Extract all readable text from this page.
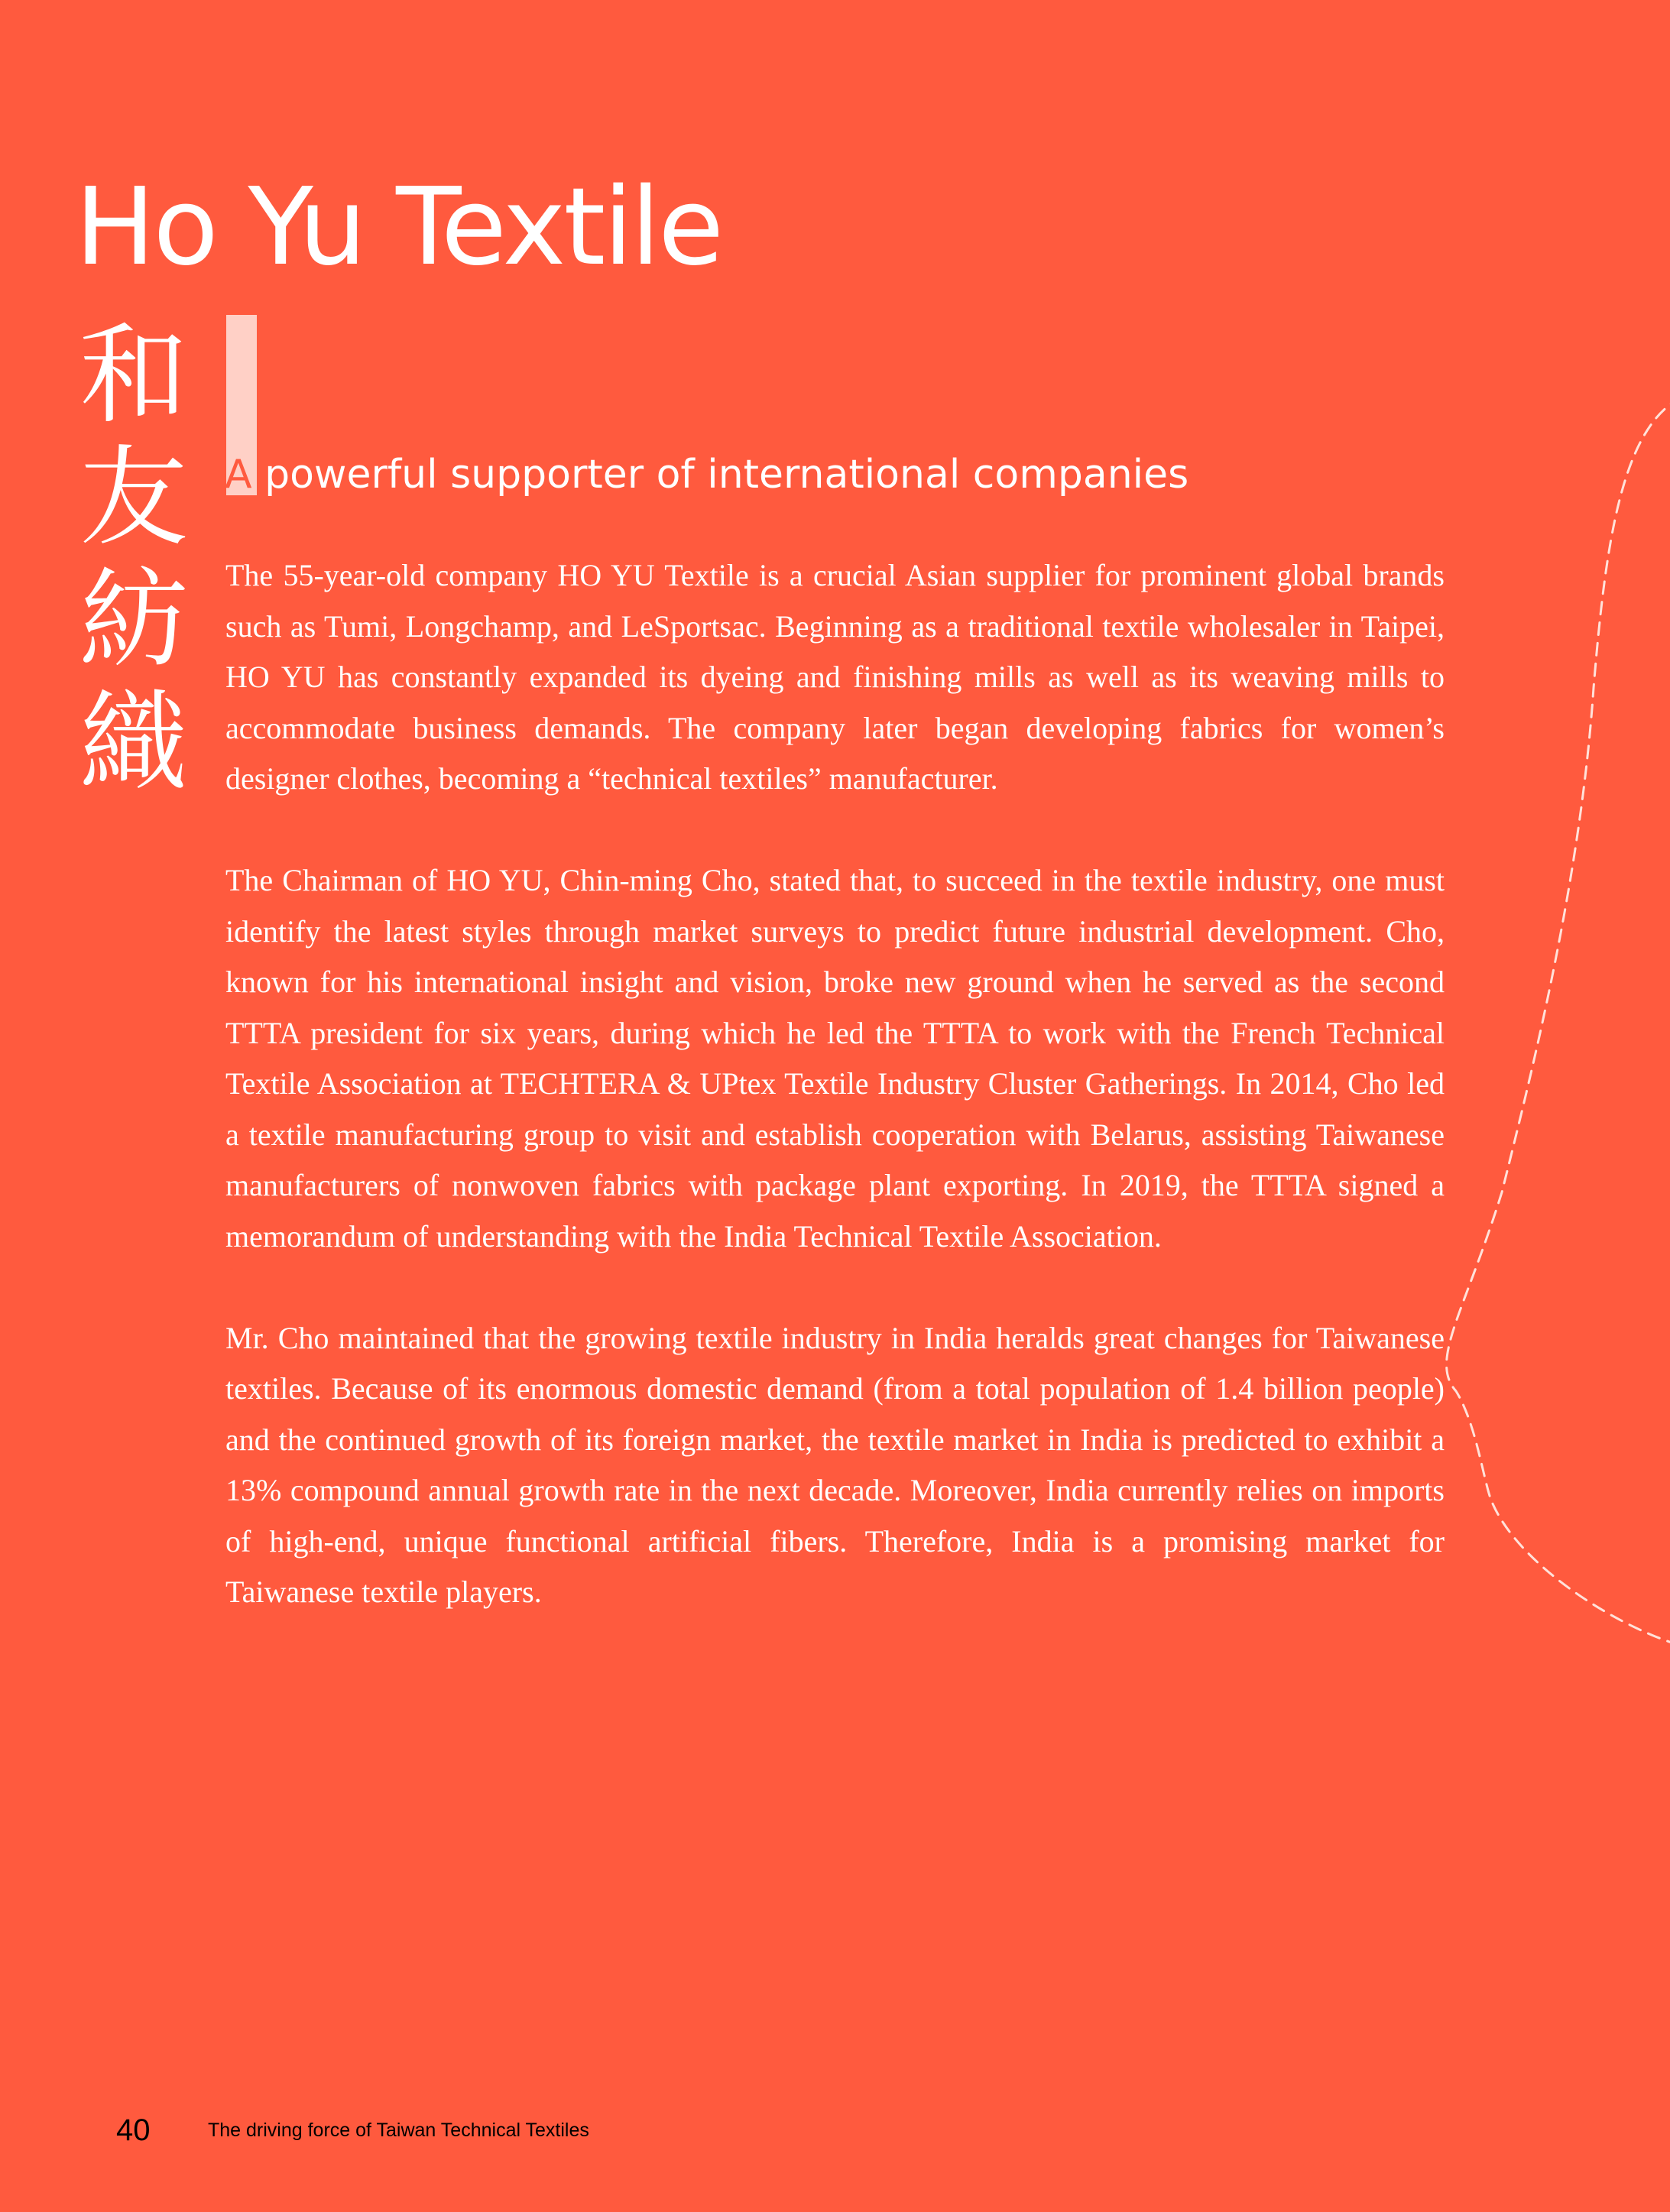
Ho Yu Textile
和
友
紡
織
A powerful supporter of international companies

The 55-year-old company HO YU Textile is a crucial Asian supplier for prominent global brands such as Tumi, Longchamp, and LeSportsac. Beginning as a traditional textile wholesaler in Taipei, HO YU has constantly expanded its dyeing and finishing mills as well as its weaving mills to accommodate business demands. The company later began developing fabrics for women’s designer clothes, becoming a “technical textiles” manufacturer.

The Chairman of HO YU, Chin-ming Cho, stated that, to succeed in the textile industry, one must identify the latest styles through market surveys to predict future industrial development. Cho, known for his international insight and vision, broke new ground when he served as the second TTTA president for six years, during which he led the TTTA to work with the French Technical Textile Association at TECHTERA & UPtex Textile Industry Cluster Gatherings. In 2014, Cho led a textile manufacturing group to visit and establish cooperation with Belarus, assisting Taiwanese manufacturers of nonwoven fabrics with package plant exporting. In 2019, the TTTA signed a memorandum of understanding with the India Technical Textile Association.

Mr. Cho maintained that the growing textile industry in India heralds great changes for Taiwanese textiles. Because of its enormous domestic demand (from a total population of 1.4 billion people) and the continued growth of its foreign market, the textile market in India is predicted to exhibit a 13% compound annual growth rate in the next decade. Moreover, India currently relies on imports of high-end, unique functional artificial fibers. Therefore, India is a promising market for Taiwanese textile players.

40	The driving force of Taiwan Technical Textiles
